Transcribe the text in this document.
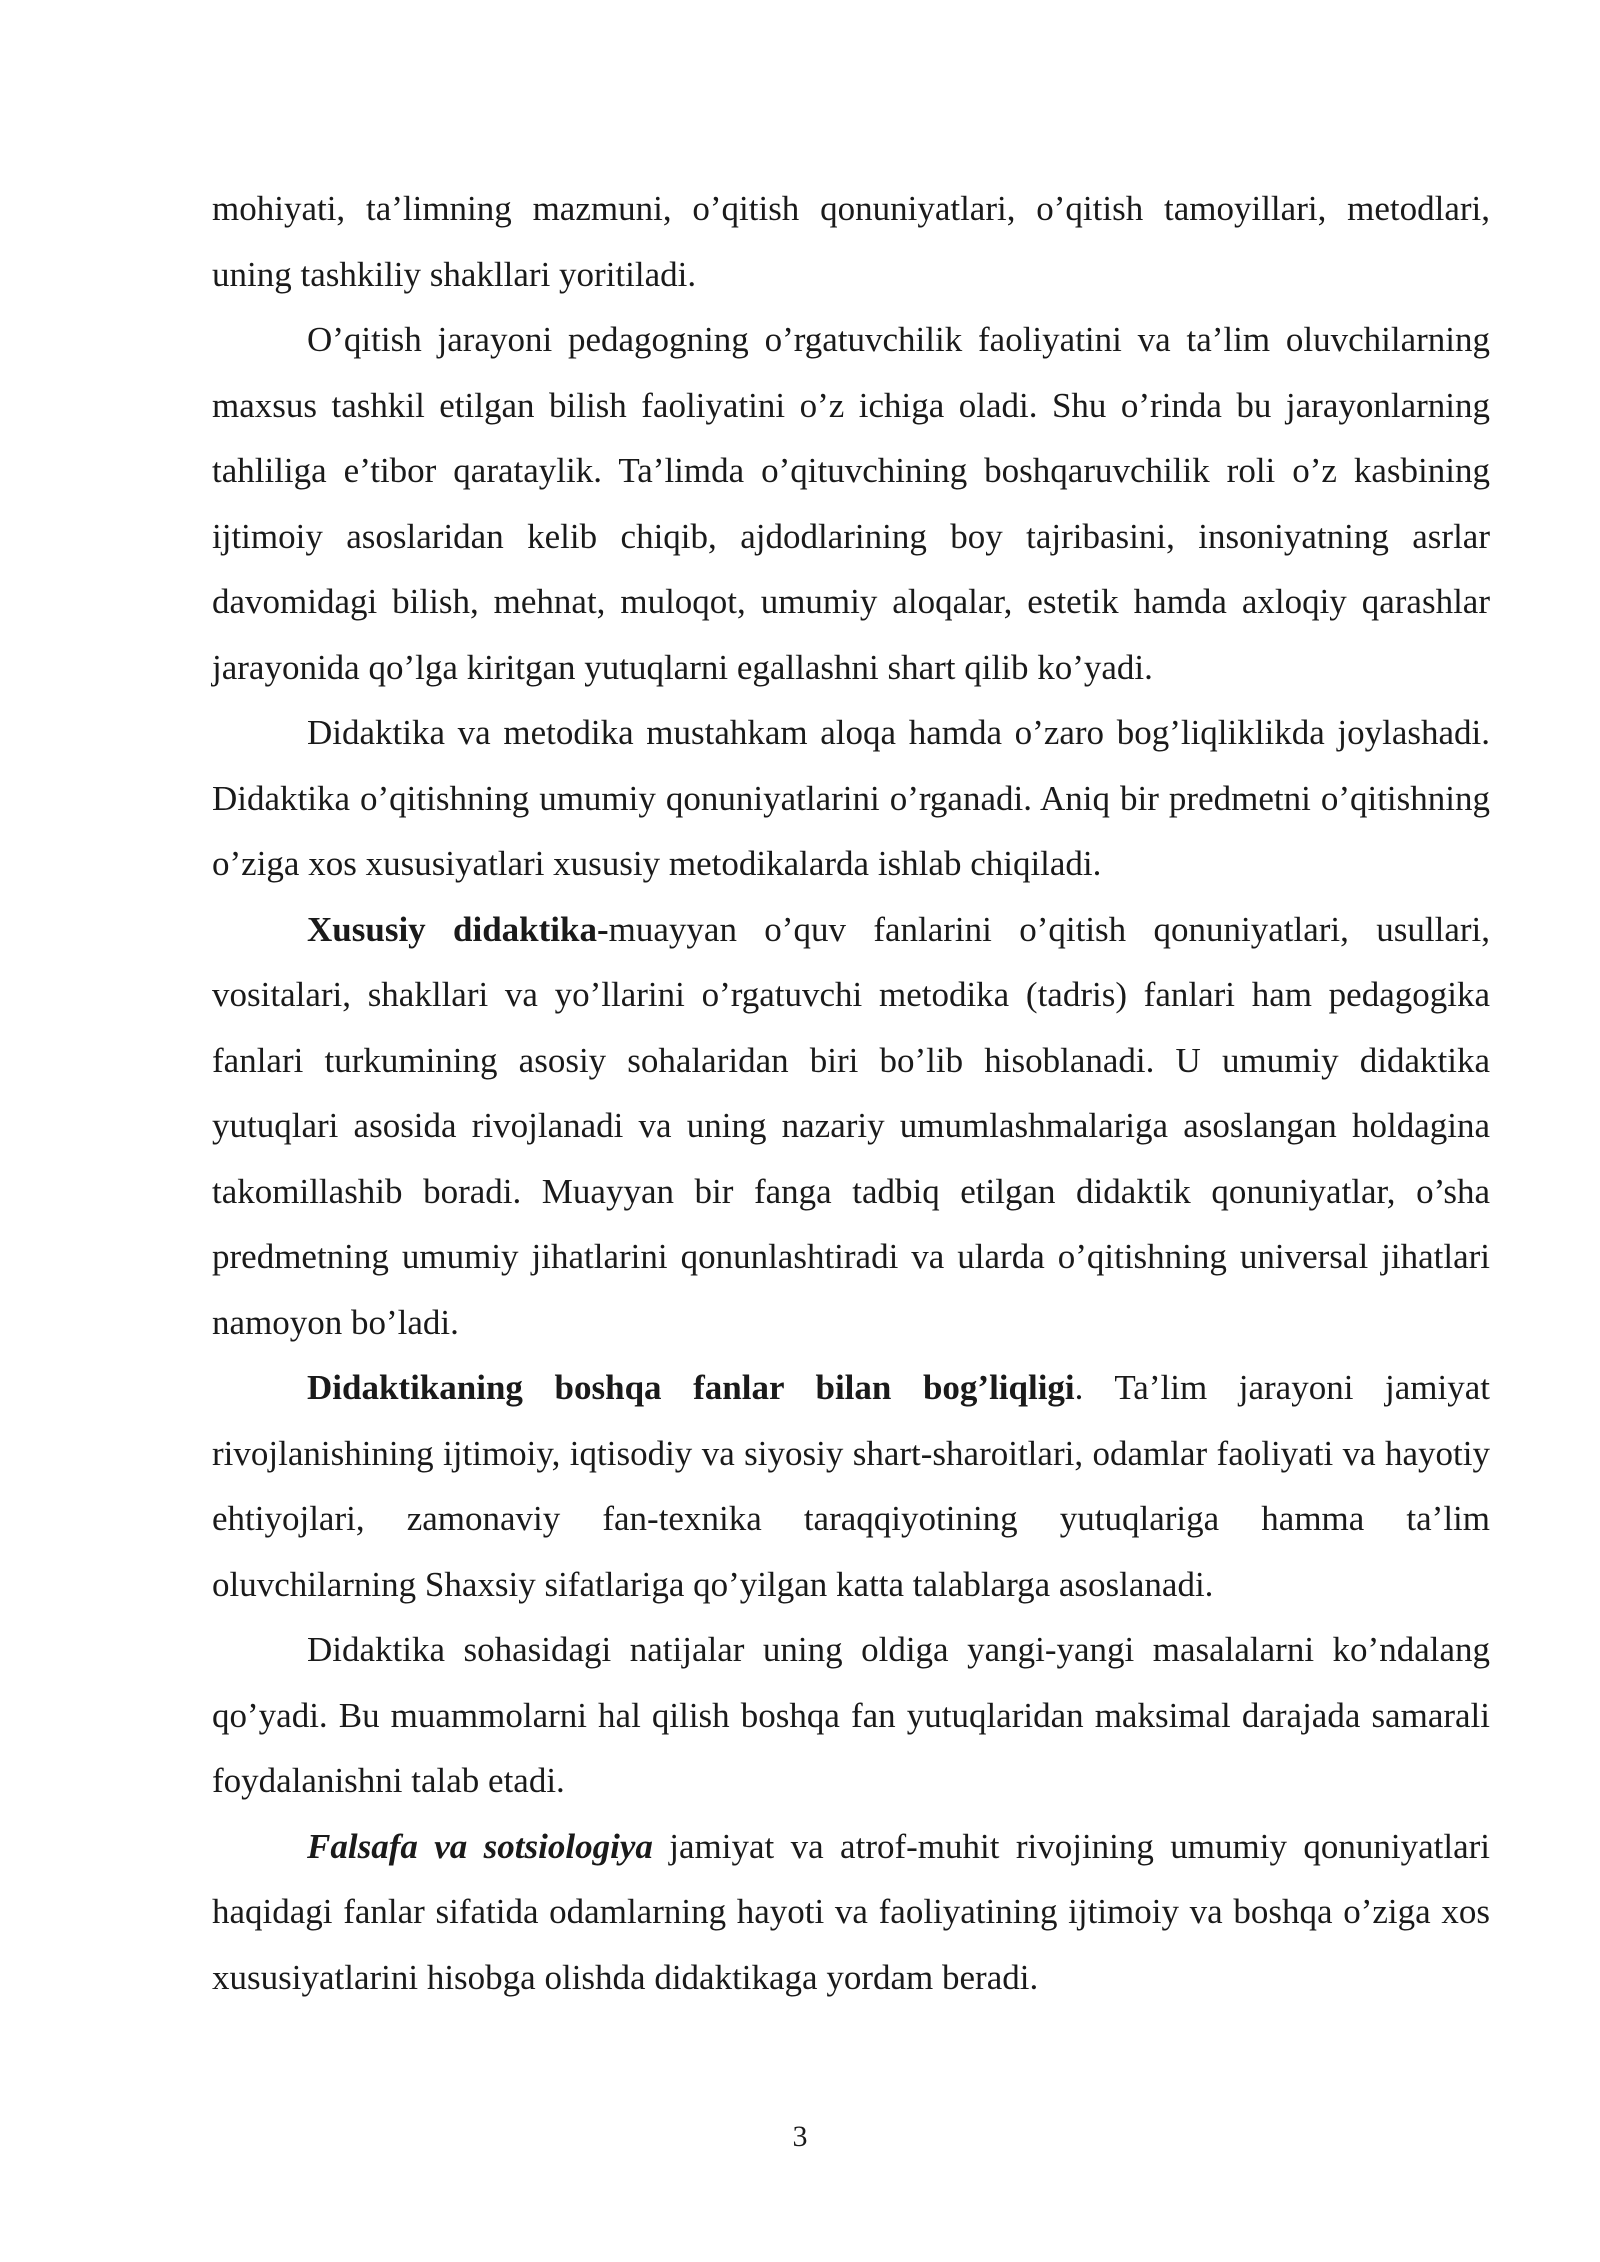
mohiyati, ta’limning mazmuni, o’qitish qonuniyatlari, o’qitish tamoyillari, metodlari, uning tashkiliy shakllari yoritiladi.

O’qitish jarayoni pedagogning o’rgatuvchilik faoliyatini va ta’lim oluvchilarning maxsus tashkil etilgan bilish faoliyatini o’z ichiga oladi. Shu o’rinda bu jarayonlarning tahliliga e’tibor qarataylik. Ta’limda o’qituvchining boshqaruvchilik roli o’z kasbining ijtimoiy asoslaridan kelib chiqib, ajdodlarining boy tajribasini, insoniyatning asrlar davomidagi bilish, mehnat, muloqot, umumiy aloqalar, estetik hamda axloqiy qarashlar jarayonida qo’lga kiritgan yutuqlarni egallashni shart qilib ko’yadi.

Didaktika va metodika mustahkam aloqa hamda o’zaro bog’liqliklikda joylashadi. Didaktika o’qitishning umumiy qonuniyatlarini o’rganadi. Aniq bir predmetni o’qitishning o’ziga xos xususiyatlari xususiy metodikalarda ishlab chiqiladi.

Xususiy didaktika-muayyan o’quv fanlarini o’qitish qonuniyatlari, usullari, vositalari, shakllari va yo’llarini o’rgatuvchi metodika (tadris) fanlari ham pedagogika fanlari turkumining asosiy sohalaridan biri bo’lib hisoblanadi. U umumiy didaktika yutuqlari asosida rivojlanadi va uning nazariy umumlashmalariga asoslangan holdagina takomillashib boradi. Muayyan bir fanga tadbiq etilgan didaktik qonuniyatlar, o’sha predmetning umumiy jihatlarini qonunlashtiradi va ularda o’qitishning universal jihatlari namoyon bo’ladi.

Didaktikaning boshqa fanlar bilan bog’liqligi. Ta’lim jarayoni jamiyat rivojlanishining ijtimoiy, iqtisodiy va siyosiy shart-sharoitlari, odamlar faoliyati va hayotiy ehtiyojlari, zamonaviy fan-texnika taraqqiyotining yutuqlariga hamma ta’lim oluvchilarning Shaxsiy sifatlariga qo’yilgan katta talablarga asoslanadi.

Didaktika sohasidagi natijalar uning oldiga yangi-yangi masalalarni ko’ndalang qo’yadi. Bu muammolarni hal qilish boshqa fan yutuqlaridan maksimal darajada samarali foydalanishni talab etadi.

Falsafa va sotsiologiya jamiyat va atrof-muhit rivojining umumiy qonuniyatlari haqidagi fanlar sifatida odamlarning hayoti va faoliyatining ijtimoiy va boshqa o’ziga xos xususiyatlarini hisobga olishda didaktikaga yordam beradi.

3
